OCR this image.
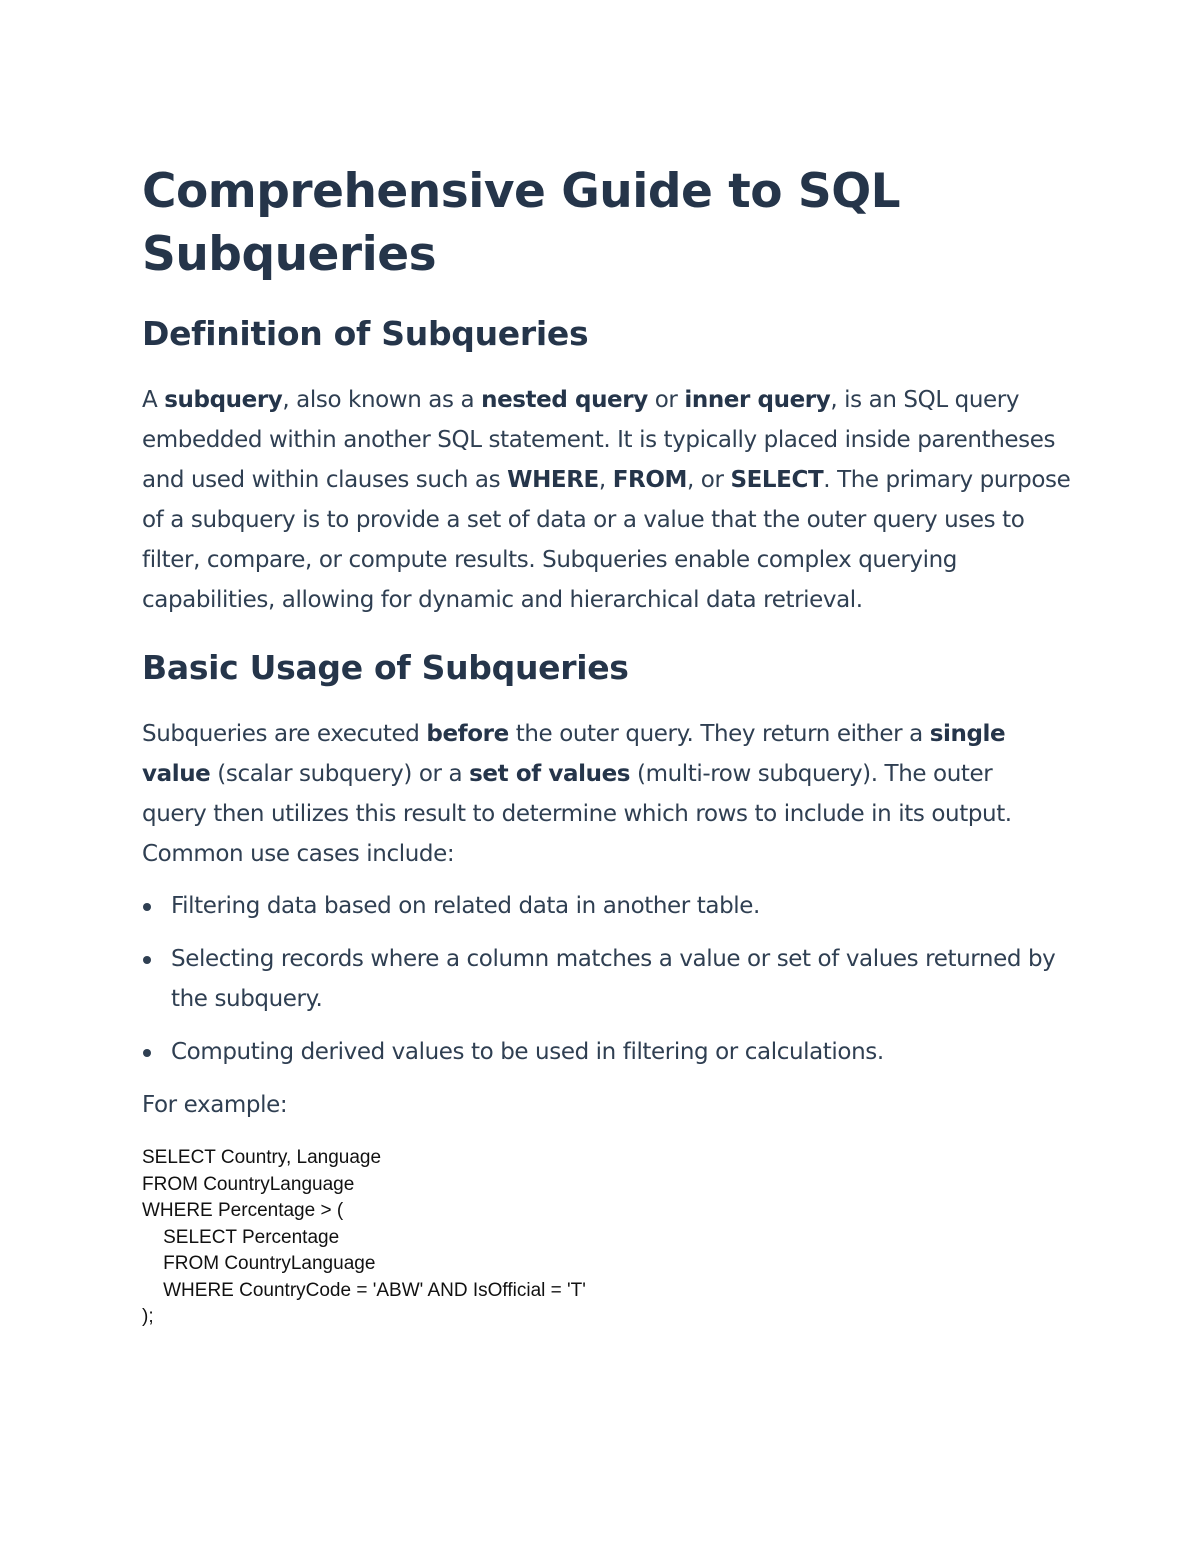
Comprehensive Guide to SQL
Subqueries
Definition of Subqueries

A subquery, also known as a nested query or inner query, is an SQL query embedded within another SQL statement. It is typically placed inside parentheses and used within clauses such as WHERE, FROM, or SELECT. The primary purpose of a subquery is to provide a set of data or a value that the outer query uses to filter, compare, or compute results. Subqueries enable complex querying capabilities, allowing for dynamic and hierarchical data retrieval.

Basic Usage of Subqueries

Subqueries are executed before the outer query. They return either a single value (scalar subquery) or a set of values (multi-row subquery). The outer query then utilizes this result to determine which rows to include in its output. Common use cases include:

Filtering data based on related data in another table.
Selecting records where a column matches a value or set of values returned by the subquery.
Computing derived values to be used in filtering or calculations.

For example:

SELECT Country, Language
FROM CountryLanguage
WHERE Percentage > (
SELECT Percentage
FROM CountryLanguage
WHERE CountryCode = 'ABW' AND IsOfficial = 'T'
);
